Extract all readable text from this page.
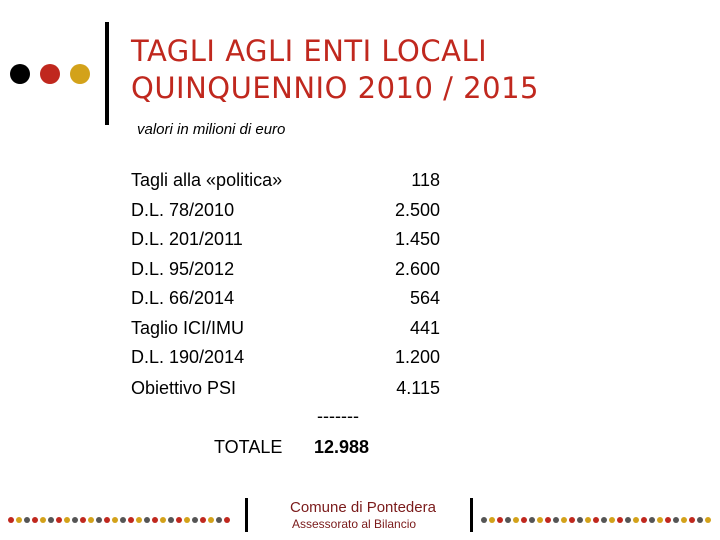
TAGLI AGLI ENTI LOCALI
QUINQUENNIO 2010 / 2015
valori in milioni di euro
Tagli alla «politica»	118
D.L. 78/2010	2.500
D.L. 201/2011	1.450
D.L. 95/2012	2.600
D.L. 66/2014	564
Taglio ICI/IMU	441
D.L. 190/2014	1.200
Obiettivo PSI	4.115
-------
TOTALE 12.988
Comune di Pontedera
Assessorato al Bilancio
